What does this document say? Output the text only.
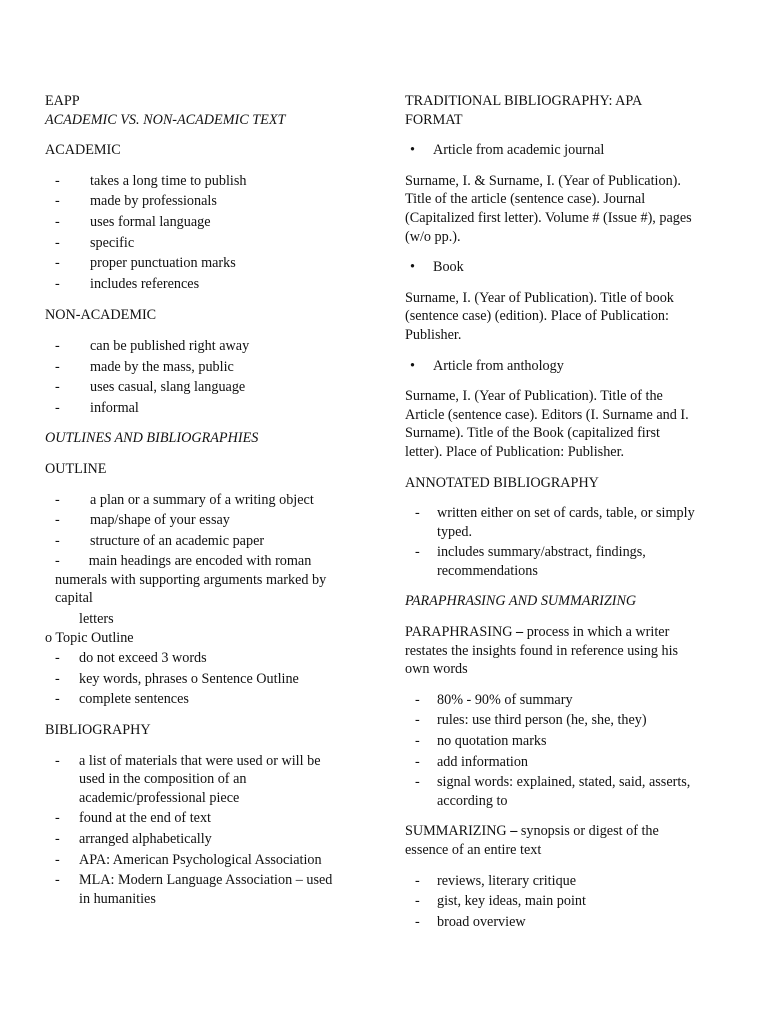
EAPP

ACADEMIC VS. NON-ACADEMIC TEXT

ACADEMIC

- takes a long time to publish
- made by professionals
- uses formal language
- specific
- proper punctuation marks
- includes references

NON-ACADEMIC

- can be published right away
- made by the mass, public
- uses casual, slang language
- informal

OUTLINES AND BIBLIOGRAPHIES

OUTLINE

- a plan or a summary of a writing object
- map/shape of your essay
- structure of an academic paper
- main headings are encoded with roman
numerals with supporting arguments marked by
capital
letters

o Topic Outline

- do not exceed 3 words
- key words, phrases o Sentence Outline
- complete sentences

BIBLIOGRAPHY

- a list of materials that were used or will be
used in the composition of an
academic/professional piece
- found at the end of text
- arranged alphabetically
- APA: American Psychological Association
- MLA: Modern Language Association – used
in humanities

TRADITIONAL BIBLIOGRAPHY: APA
FORMAT

• Article from academic journal

Surname, I. & Surname, I. (Year of Publication).
Title of the article (sentence case). Journal
(Capitalized first letter). Volume # (Issue #), pages
(w/o pp.).

• Book

Surname, I. (Year of Publication). Title of book
(sentence case) (edition). Place of Publication:
Publisher.

• Article from anthology

Surname, I. (Year of Publication). Title of the
Article (sentence case). Editors (I. Surname and I.
Surname). Title of the Book (capitalized first
letter). Place of Publication: Publisher.

ANNOTATED BIBLIOGRAPHY

- written either on set of cards, table, or simply
typed.
- includes summary/abstract, findings,
recommendations

PARAPHRASING AND SUMMARIZING

PARAPHRASING – process in which a writer
restates the insights found in reference using his
own words

- 80% - 90% of summary
- rules: use third person (he, she, they)
- no quotation marks
- add information
- signal words: explained, stated, said, asserts,
according to

SUMMARIZING – synopsis or digest of the
essence of an entire text

- reviews, literary critique
- gist, key ideas, main point
- broad overview
